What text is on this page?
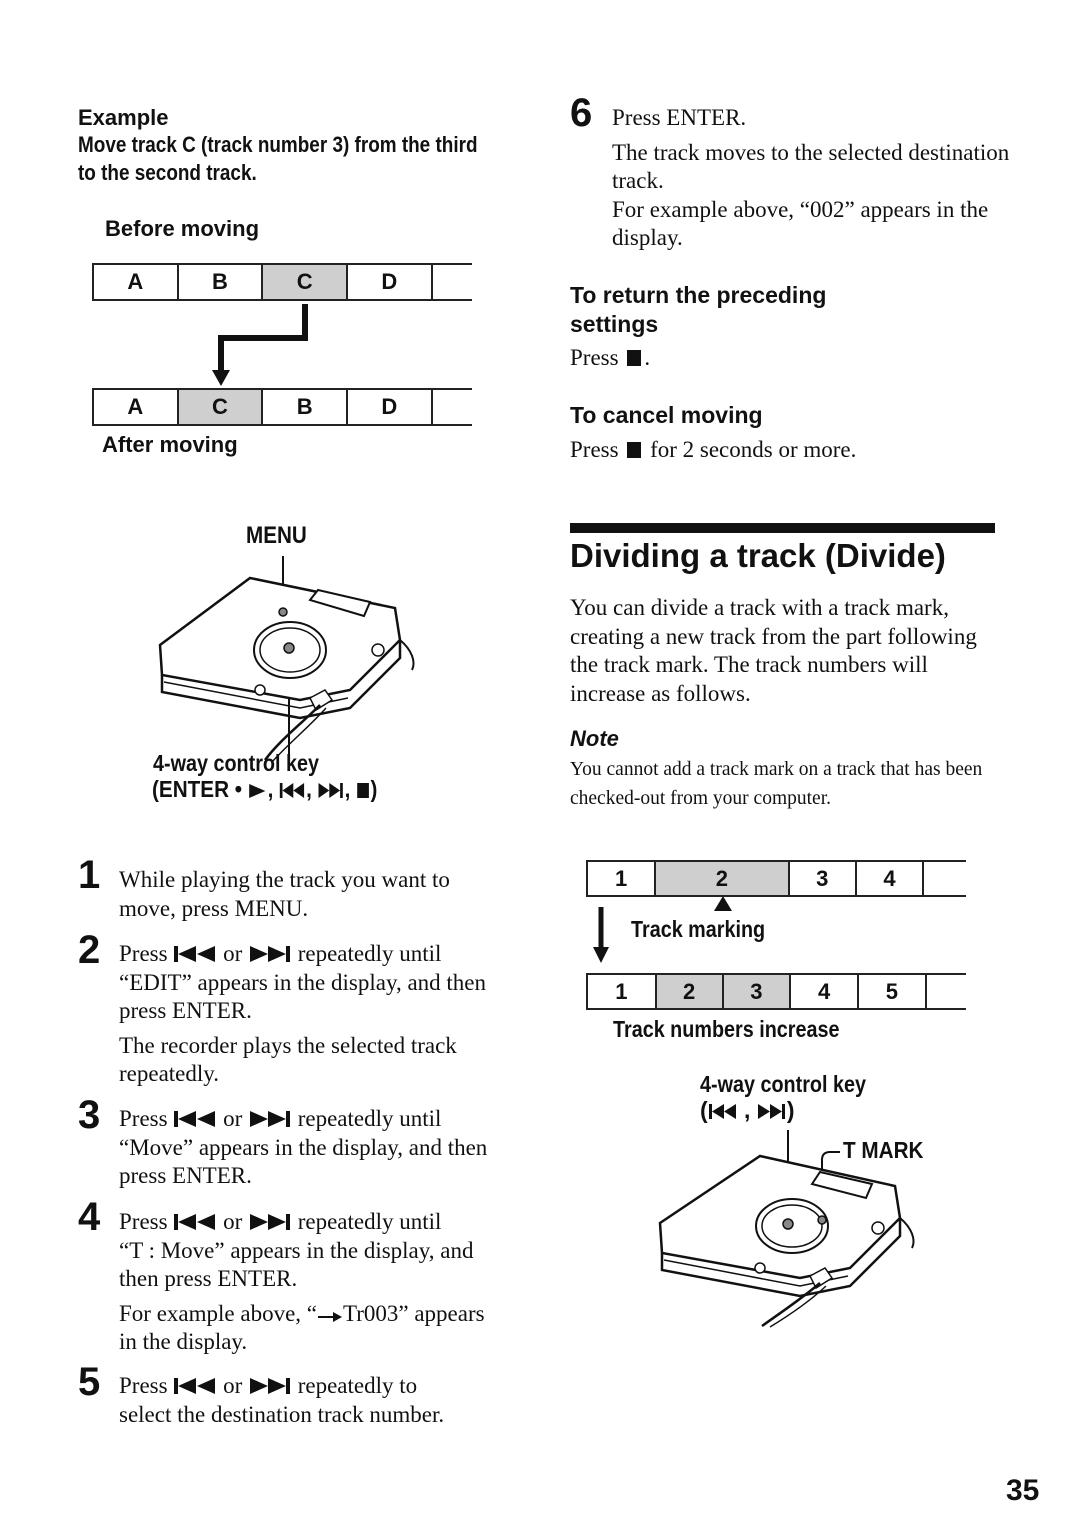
Example
Move track C (track number 3) from the third to the second track.
Before moving
A	B	C	D
A	C	B	D
After moving
MENU
4-way control key
(ENTER • , , , )
1 While playing the track you want to move, press MENU.
2 Press or repeatedly until
“EDIT” appears in the display, and then press ENTER.
The recorder plays the selected track repeatedly.
3 Press or repeatedly until
“Move” appears in the display, and then press ENTER.
4 Press or repeatedly until
“T : Move” appears in the display, and then press ENTER.
For example above, “ Tr003” appears in the display.
5 Press or repeatedly to
select the destination track number.
6 Press ENTER.
The track moves to the selected destination track.
For example above, “002” appears in the display.
To return the preceding
settings
Press .
To cancel moving
Press for 2 seconds or more.
Dividing a track (Divide)
You can divide a track with a track mark, creating a new track from the part following the track mark. The track numbers will increase as follows.
Note
You cannot add a track mark on a track that has been checked-out from your computer.
1	2	3	4
Track marking
1	2	3	4	5
Track numbers increase
4-way control key
( , )
T MARK
35
